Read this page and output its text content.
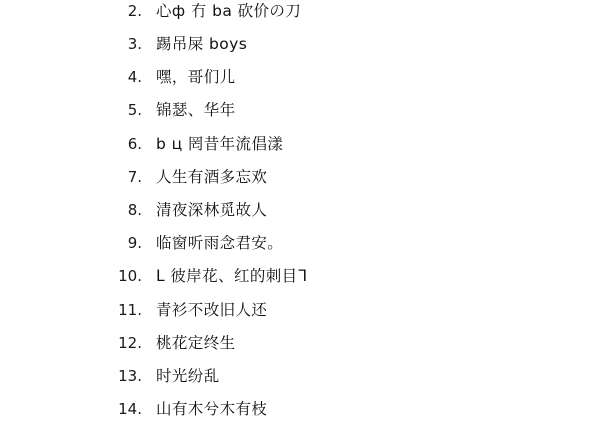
2. 心ф 冇 ba 砍价の刀
3. 踢吊屎 boys
4. 嘿，哥们儿
5. 锦瑟、华年
6. b ц 罔昔年流倡漾
7. 人生有酒多忘欢
8. 清夜深林觅故人
9. 临窗听雨念君安。
10. ᒪ 彼岸花、红的刺目ᒣ
11. 青衫不改旧人还
12. 桃花定终生
13. 时光纷乱
14. 山有木兮木有枝
